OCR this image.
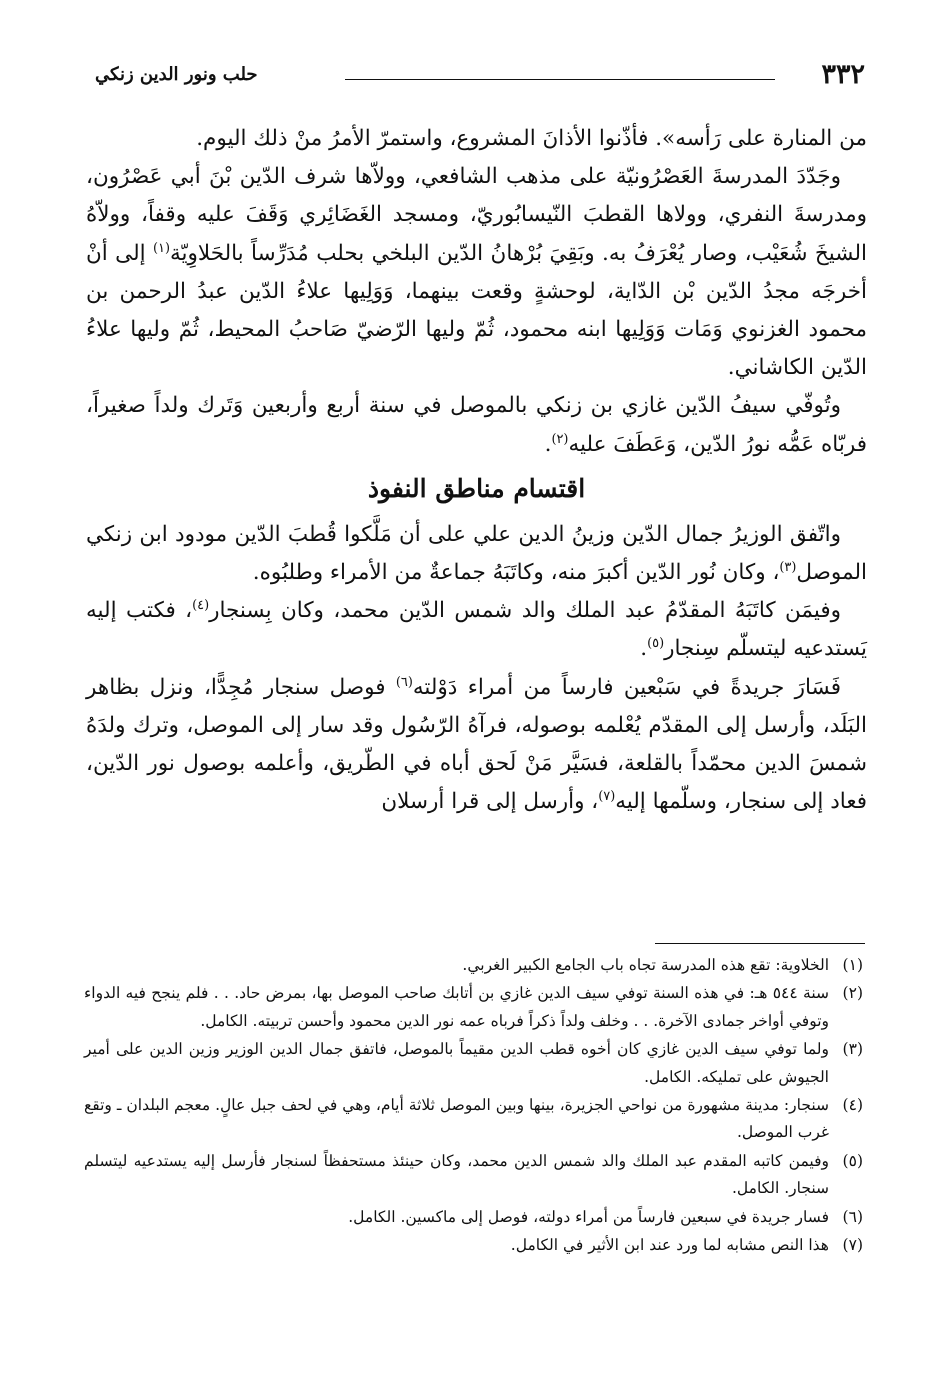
٣٣٢
حلب ونور الدين زنكي

من المنارة على رَأسه». فأذّنوا الأذانَ المشروع، واستمرّ الأمرُ منْ ذلك اليوم.

وجَدّدَ المدرسةَ العَصْرُونيّة على مذهب الشافعي، وولاّها شرف الدّين بْنَ أبي عَصْرُون، ومدرسةَ النفري، وولاها القطبَ النّيسابُوريّ، ومسجد الغَضَائِري وَقَفَ عليه وقفاً، وولاّهُ الشيخَ شُعَيْب، وصار يُعْرَفُ به. وبَقِيَ بُرْهانُ الدّين البلخي بحلب مُدَرِّساً بالحَلاوِيّة$^{(١)}$ إلى أنْ أخرجَه مجدُ الدّين بْن الدّاية، لوحشةٍ وقعت بينهما، وَوَلِيها علاءُ الدّين عبدُ الرحمن بن محمود الغزنوي وَمَات وَوَلِيها ابنه محمود، ثُمّ وليها الرّضيّ صَاحبُ المحيط، ثُمّ وليها علاءُ الدّين الكاشاني.

وتُوفّي سيفُ الدّين غازي بن زنكي بالموصل في سنة أربع وأربعين وَتَرك ولداً صغيراً، فربّاه عَمُّه نورُ الدّين، وَعَطَفَ عليه$^{(٢)}$.

اقتسام مناطق النفوذ

واتّفق الوزيرُ جمال الدّين وزينُ الدين علي على أن مَلَّكوا قُطبَ الدّين مودود ابن زنكي الموصل$^{(٣)}$، وكان نُور الدّين أكبرَ منه، وكاتَبَهُ جماعةٌ من الأمراء وطلبُوه.

وفيمَن كاتَبَهُ المقدّمُ عبد الملك والد شمس الدّين محمد، وكان بِسنجار$^{(٤)}$، فكتب إليه يَستدعيه ليتسلّم سِنجار$^{(٥)}$.

فَسَارَ جريدةً في سَبْعين فارساً من أمراء دَوْلته$^{(٦)}$ فوصل سنجار مُجِدًّا، ونزل بظاهر البَلَد، وأرسل إلى المقدّم يُعْلمه بوصوله، فرآهُ الرّسُول وقد سار إلى الموصل، وترك ولدَهُ شمسَ الدين محمّداً بالقلعة، فسَيَّر مَنْ لَحق أباه في الطّريق، وأعلمه بوصول نور الدّين، فعاد إلى سنجار، وسلّمها إليه$^{(٧)}$، وأرسل إلى قرا أرسلان

(١)
الخلاوية: تقع هذه المدرسة تجاه باب الجامع الكبير الغربي.
(٢)
سنة ٥٤٤ هـ: في هذه السنة توفي سيف الدين غازي بن أتابك صاحب الموصل بها، بمرض حاد. . . فلم ينجح فيه الدواء وتوفي أواخر جمادى الآخرة. . . وخلف ولداً ذكراً فرباه عمه نور الدين محمود وأحسن تربيته. الكامل.
(٣)
ولما توفي سيف الدين غازي كان أخوه قطب الدين مقيماً بالموصل، فاتفق جمال الدين الوزير وزين الدين على أمير الجيوش على تمليكه. الكامل.
(٤)
سنجار: مدينة مشهورة من نواحي الجزيرة، بينها وبين الموصل ثلاثة أيام، وهي في لحف جبل عالٍ. معجم البلدان ـ وتقع غرب الموصل.
(٥)
وفيمن كاتبه المقدم عبد الملك والد شمس الدين محمد، وكان حينئذ مستحفظاً لسنجار فأرسل إليه يستدعيه ليتسلم سنجار. الكامل.
(٦)
فسار جريدة في سبعين فارساً من أمراء دولته، فوصل إلى ماكسين. الكامل.
(٧)
هذا النص مشابه لما ورد عند ابن الأثير في الكامل.
